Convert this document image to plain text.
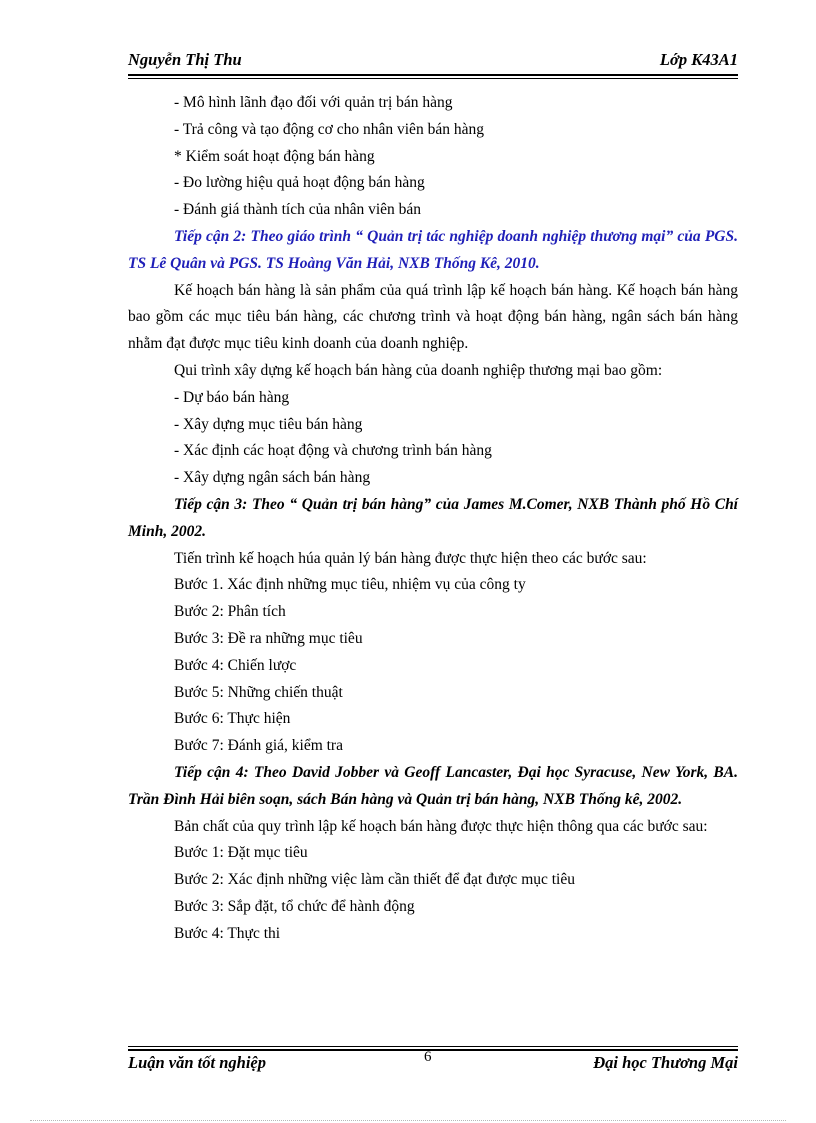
Nguyễn Thị Thu	Lớp K43A1

- Mô hình lãnh đạo đối với quản trị bán hàng

- Trả công và tạo động cơ cho nhân viên bán hàng

* Kiểm soát hoạt động bán hàng

- Đo lường hiệu quả hoạt động bán hàng

- Đánh giá thành tích của nhân viên bán

Tiếp cận 2: Theo giáo trình “ Quản trị tác nghiệp doanh nghiệp thương mại” của PGS. TS Lê Quân và PGS. TS Hoàng Văn Hải, NXB Thống Kê, 2010.

Kế hoạch bán hàng là sản phẩm của quá trình lập kế hoạch bán hàng. Kế hoạch bán hàng bao gồm các mục tiêu bán hàng, các chương trình và hoạt động bán hàng, ngân sách bán hàng nhằm đạt được mục tiêu kinh doanh của doanh nghiệp.

Qui trình xây dựng kế hoạch bán hàng của doanh nghiệp thương mại bao gồm:

- Dự báo bán hàng

- Xây dựng mục tiêu bán hàng

- Xác định các hoạt động và chương trình bán hàng

- Xây dựng ngân sách bán hàng

Tiếp cận 3: Theo “ Quản trị bán hàng” của James M.Comer, NXB Thành phố Hồ Chí Minh, 2002.

Tiến trình kế hoạch húa quản lý bán hàng được thực hiện theo các bước sau:

Bước 1. Xác định những mục tiêu, nhiệm vụ của công ty

Bước 2: Phân tích

Bước 3: Đề ra những mục tiêu

Bước 4: Chiến lược

Bước 5: Những chiến thuật

Bước 6: Thực hiện

Bước 7: Đánh giá, kiểm tra

Tiếp cận 4: Theo David Jobber và Geoff Lancaster, Đại học Syracuse, New York, BA. Trần Đình Hải biên soạn, sách Bán hàng và Quản trị bán hàng, NXB Thống kê, 2002.

Bản chất của quy trình lập kế hoạch bán hàng được thực hiện thông qua các bước sau:

Bước 1: Đặt mục tiêu

Bước 2: Xác định những việc làm cần thiết để đạt được mục tiêu

Bước 3: Sắp đặt, tổ chức để hành động

Bước 4: Thực thi

Luận văn tốt nghiệp	6	Đại học Thương Mại
